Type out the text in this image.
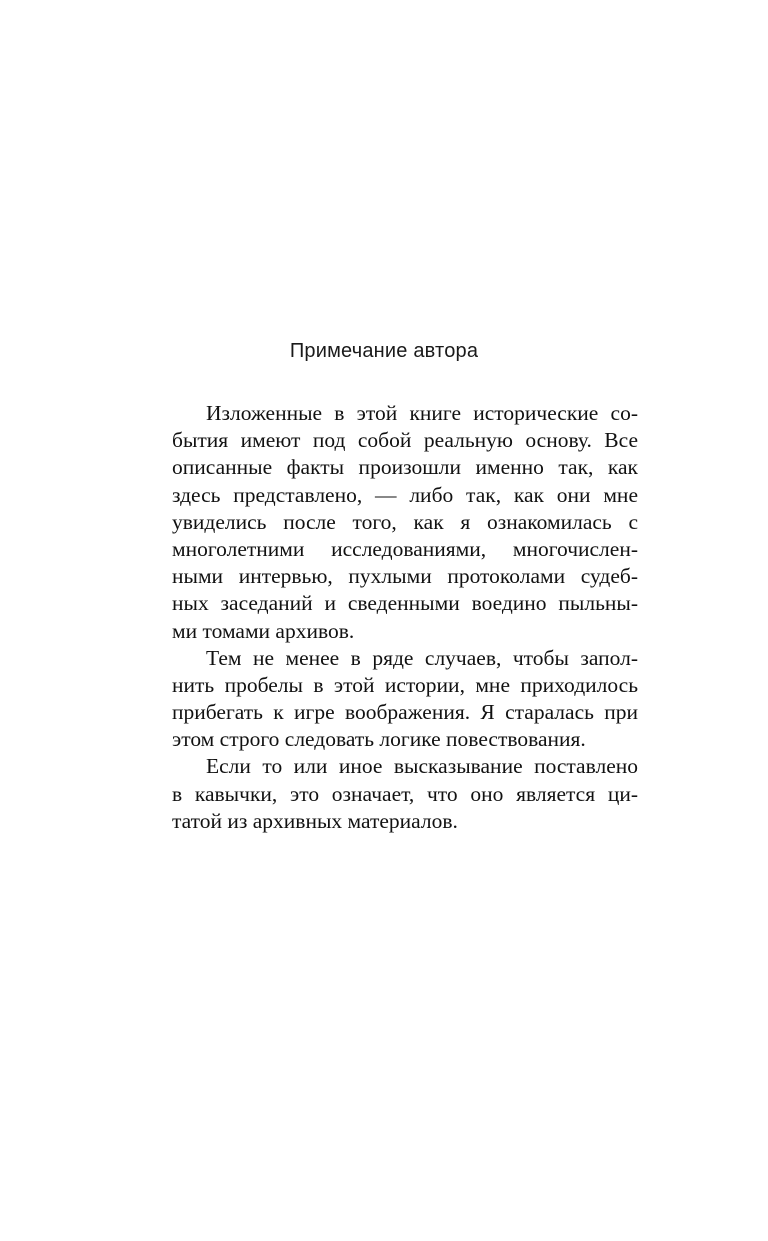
Примечание автора
Изложенные в этой книге исторические со-
бытия имеют под собой реальную основу. Все
описанные факты произошли именно так, как
здесь представлено, — либо так, как они мне
увиделись после того, как я ознакомилась с
многолетними исследованиями, многочислен-
ными интервью, пухлыми протоколами судеб-
ных заседаний и сведенными воедино пыльны-
ми томами архивов.
Тем не менее в ряде случаев, чтобы запол-
нить пробелы в этой истории, мне приходилось
прибегать к игре воображения. Я старалась при
этом строго следовать логике повествования.
Если то или иное высказывание поставлено
в кавычки, это означает, что оно является ци-
татой из архивных материалов.
